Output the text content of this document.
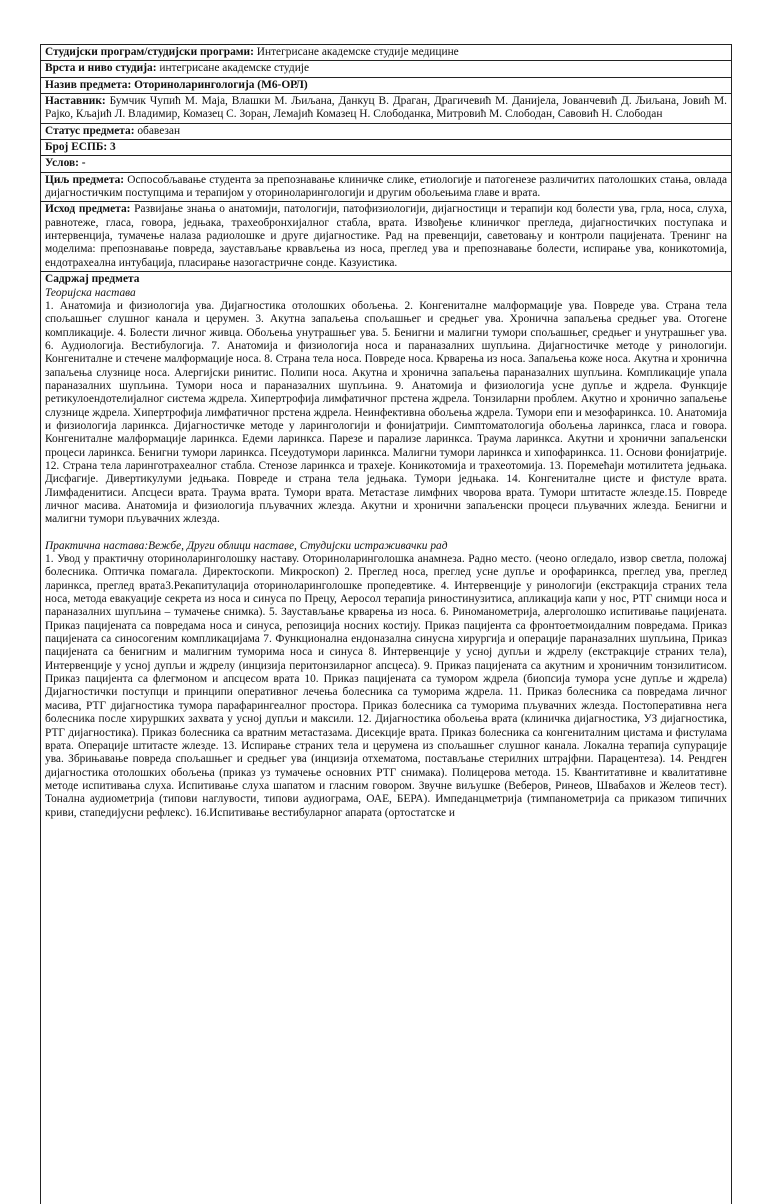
Студијски програм/студијски програми: Интегрисане академске студије медицине
Врста и ниво студија: интегрисане академске студије
Назив предмета: Оториноларингологија (М6-ОРЛ)
Наставник: Бумчик Чупић М. Маја, Влашки М. Љиљана, Данкуц В. Драган, Драгичевић М. Данијела, Јованчевић Д. Љиљана, Јовић М. Рајко, Кљајић Л. Владимир, Комазец С. Зоран, Лемајић Комазец Н. Слободанка, Митровић М. Слободан, Савовић Н. Слободан
Статус предмета: обавезан
Број ЕСПБ: 3
Услов: -
Циљ предмета: Оспособљавање студента за препознавање клиничке слике, етиологије и патогенезе различитих патолошких стања, овлада дијагностичким поступцима и терапијом у оториноларингологији и другим обољењима главе и врата.
Исход предмета: Развијање знања о анатомији, патологији, патофизиологији, дијагностици и терапији код болести ува, грла, носа, слуха, равнотеже, гласа, говора, једњака, трахеобронхијалног стабла, врата. Извођење клиничког прегледа, дијагностичких поступака и интервенција, тумачење налаза радиолошке и друге дијагностике. Рад на превенцији, саветовању и контроли пацијената. Тренинг на моделима: препознавање повреда, заустављање крвављења из носа, преглед ува и препознавање болести, испирање ува, коникотомија, ендотрахеална интубација, пласирање назогастричне сонде. Казуистика.
Садржај предмета
Теоријска настава
1. Анатомија и физиологија ува. Дијагностика отолошких обољења. 2. Конгениталне малформације ува. Повреде ува. Страна тела спољашњег слушног канала и церумен. 3. Акутна запаљења спољашњег и средњег ува. Хронична запаљења средњег ува. Отогене компликације. 4. Болести личног живца. Обољења унутрашњег ува. 5. Бенигни и малигни тумори спољашњег, средњег и унутрашњег ува. 6. Аудиологија. Вестибулогија. 7. Анатомија и физиологија носа и параназалних шупљина. Дијагностичке методе у ринологији. Конгениталне и стечене малформације носа. 8. Страна тела носа. Повреде носа. Крварења из носа. Запаљења коже носа. Акутна и хронична запаљења слузнице носа. Алергијски ринитис. Полипи носа. Акутна и хронична запаљења параназалних шупљина. Компликације упала параназалних шупљина. Тумори носа и параназалних шупљина. 9. Анатомија и физиологија усне дупље и ждрела. Функције ретикулоендотелијалног система ждрела. Хипертрофија лимфатичног прстена ждрела. Тонзиларни проблем. Акутно и хронично запаљење слузнице ждрела. Хипертрофија лимфатичног прстена ждрела. Неинфективна обољења ждрела. Тумори епи и мезофаринкса. 10. Анатомија и физиологија ларинкса. Дијагностичке методе у ларингологији и фонијатрији. Симптоматологија обољења ларинкса, гласа и говора. Конгениталне малформације ларинкса. Едеми ларинкса. Парезе и парализе ларинкса. Траума ларинкса. Акутни и хронични запаљенски процеси ларинкса. Бенигни тумори ларинкса. Псеудотумори ларинкса. Малигни тумори ларинкса и хипофаринкса. 11. Основи фонијатрије. 12. Страна тела ларинготрахеалног стабла. Стенозе ларинкса и трахеје. Коникотомија и трахеотомија. 13. Поремећаји мотилитета једњака. Дисфагије. Дивертикулуми једњака. Повреде и страна тела једњака. Тумори једњака. 14. Конгениталне цисте и фистуле врата. Лимфаденитиси. Апсцеси врата. Траума врата. Тумори врата. Метастазе лимфних чворова врата. Тумори штитасте жлезде.15. Повреде личног масива. Анатомија и физиологија пљувачних жлезда. Акутни и хронични запаљенски процеси пљувачних жлезда. Бенигни и малигни тумори пљувачних жлезда.
Практична настава:Вежбе, Други облици наставе, Студијски истраживачки рад
1. Увод у практичну оториноларинголошку наставу. Оториноларинголошка анамнеза. Радно место. (чеоно огледало, извор светла, положај болесника. Оптичка помагала. Директоскопи. Микроскоп) 2. Преглед носа, преглед усне дупље и орофаринкса, преглед ува, преглед ларинкса, преглед врата3.Рекапитулација оториноларинголошке пропедевтике. 4. Интервенције у ринологији (екстракција страних тела носа, метода евакуације секрета из носа и синуса по Прецу, Аеросол терапија риностинузитиса, апликација капи у нос, РТГ снимци носа и параназалних шупљина – тумачење снимка). 5. Заустављање крварења из носа. 6. Риноманометрија, алерголошко испитивање пацијената. Приказ пацијената са повредама носа и синуса, репозиција носних костију. Приказ пацијента са фронтоетмоидалним повредама. Приказ пацијената са синосогеним компликацијама 7. Функционална ендоназална синусна хирургија и операције параназалних шупљина, Приказ пацијената са бенигним и малигним туморима носа и синуса 8. Интервенције у усној дупљи и ждрелу (екстракције страних тела), Интервенције у усној дупљи и ждрелу (инцизија перитонзиларног апсцеса). 9. Приказ пацијената са акутним и хроничним тонзилитисом. Приказ пацијента са флегмоном и апсцесом врата 10. Приказ пацијената са тумором ждрела (биопсија тумора усне дупље и ждрела) Дијагностички поступци и принципи оперативног лечења болесника са туморима ждрела. 11. Приказ болесника са повредама личног масива, РТГ дијагностика тумора парафарингеалног простора. Приказ болесника са туморима пљувачних жлезда. Постоперативна нега болесника после хируршких захвата у усној дупљи и максили. 12. Дијагностика обољења врата (клиничка дијагностика, УЗ дијагностика, РТГ дијагностика). Приказ болесника са вратним метастазама. Дисекције врата. Приказ болесника са конгениталним цистама и фистулама врата. Операције штитасте жлезде. 13. Испирање страних тела и церумена из спољашњег слушног канала. Локална терапија супурације ува. Збрињавање повреда спољашњег и средњег ува (инцизија отхематома, постављање стерилних штрајфни. Парацентеза). 14. Рендген дијагностика отолошких обољења (приказ уз тумачење основних РТГ снимака). Полицерова метода. 15. Квантитативне и квалитативне методе испитивања слуха. Испитивање слуха шапатом и гласним говором. Звучне виљушке (Веберов, Ринеов, Швабахов и Желеов тест). Тонална аудиометрија (типови наглувости, типови аудиограма, ОАЕ, БЕРА). Импеданцметрија (тимпанометрија са приказом типичних криви, стапедијусни рефлекс). 16.Испитивање вестибуларног апарата (ортостатске и
